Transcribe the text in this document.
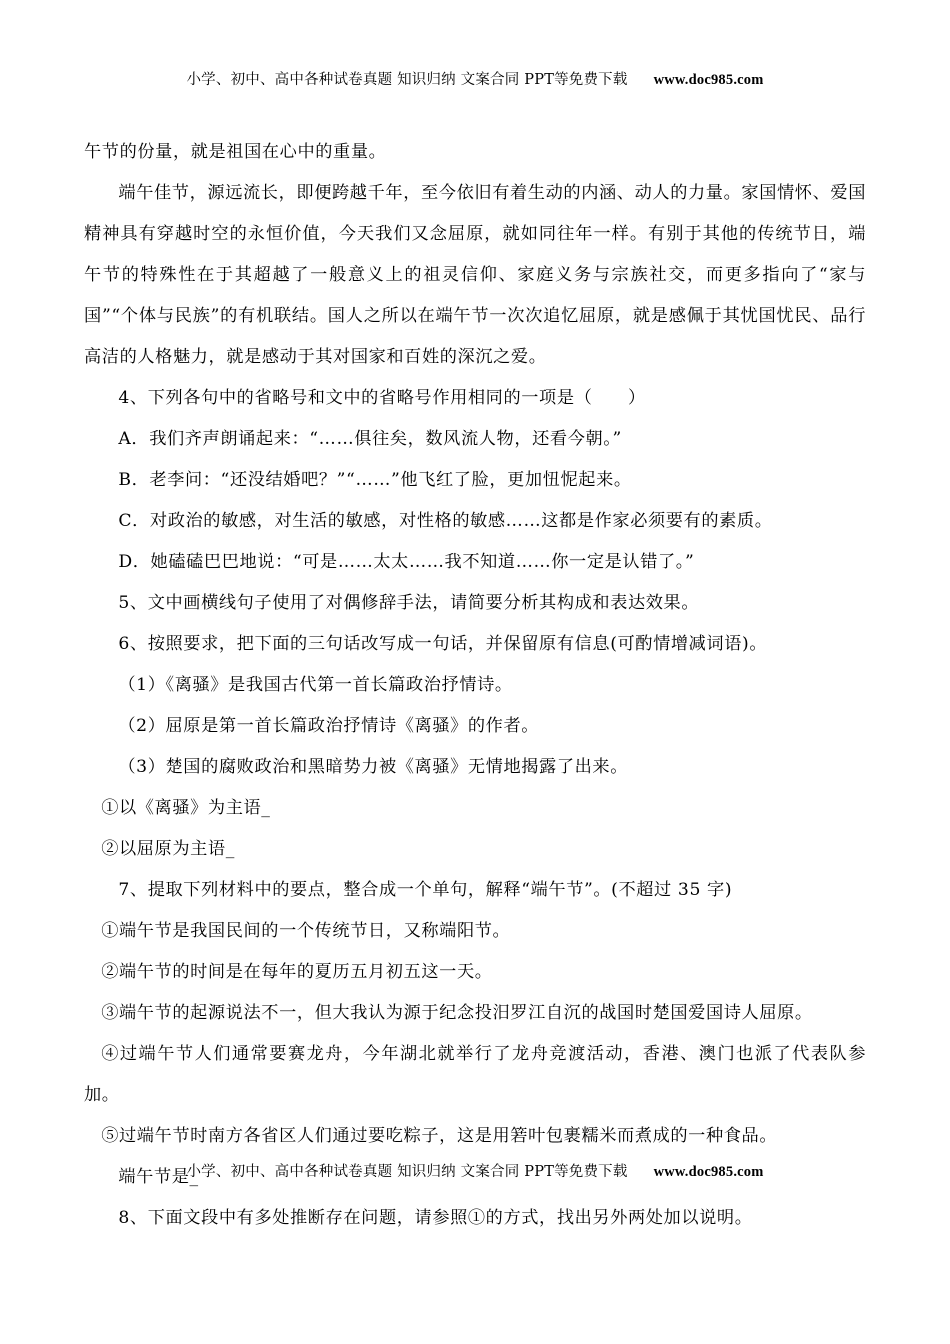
小学、初中、高中各种试卷真题 知识归纳 文案合同 PPT等免费下载 www.doc985.com

午节的份量，就是祖国在心中的重量。

端午佳节，源远流长，即便跨越千年，至今依旧有着生动的内涵、动人的力量。家国情怀、爱国精神具有穿越时空的永恒价值，今天我们又念屈原，就如同往年一样。有别于其他的传统节日，端午节的特殊性在于其超越了一般意义上的祖灵信仰、家庭义务与宗族社交，而更多指向了“家与国”“个体与民族”的有机联结。国人之所以在端午节一次次追忆屈原，就是感佩于其忧国忧民、品行高洁的人格魅力，就是感动于其对国家和百姓的深沉之爱。

4、下列各句中的省略号和文中的省略号作用相同的一项是（　　）

A．我们齐声朗诵起来：“……俱往矣，数风流人物，还看今朝。”

B．老李问：“还没结婚吧？”“……”他飞红了脸，更加忸怩起来。

C．对政治的敏感，对生活的敏感，对性格的敏感……这都是作家必须要有的素质。

D．她磕磕巴巴地说：“可是……太太……我不知道……你一定是认错了。”

5、文中画横线句子使用了对偶修辞手法，请简要分析其构成和表达效果。

6、按照要求，把下面的三句话改写成一句话，并保留原有信息(可酌情增减词语)。

（1）《离骚》是我国古代第一首长篇政治抒情诗。

（2）屈原是第一首长篇政治抒情诗《离骚》的作者。

（3）楚国的腐败政治和黑暗势力被《离骚》无情地揭露了出来。

①以《离骚》为主语_

②以屈原为主语_

7、提取下列材料中的要点，整合成一个单句，解释“端午节”。(不超过 35 字)

①端午节是我国民间的一个传统节日，又称端阳节。

②端午节的时间是在每年的夏历五月初五这一天。

③端午节的起源说法不一，但大我认为源于纪念投汨罗江自沉的战国时楚国爱国诗人屈原。

④过端午节人们通常要赛龙舟，今年湖北就举行了龙舟竞渡活动，香港、澳门也派了代表队参加。

⑤过端午节时南方各省区人们通过要吃粽子，这是用箬叶包裹糯米而煮成的一种食品。

端午节是_

8、下面文段中有多处推断存在问题，请参照①的方式，找出另外两处加以说明。

小学、初中、高中各种试卷真题 知识归纳 文案合同 PPT等免费下载 www.doc985.com
